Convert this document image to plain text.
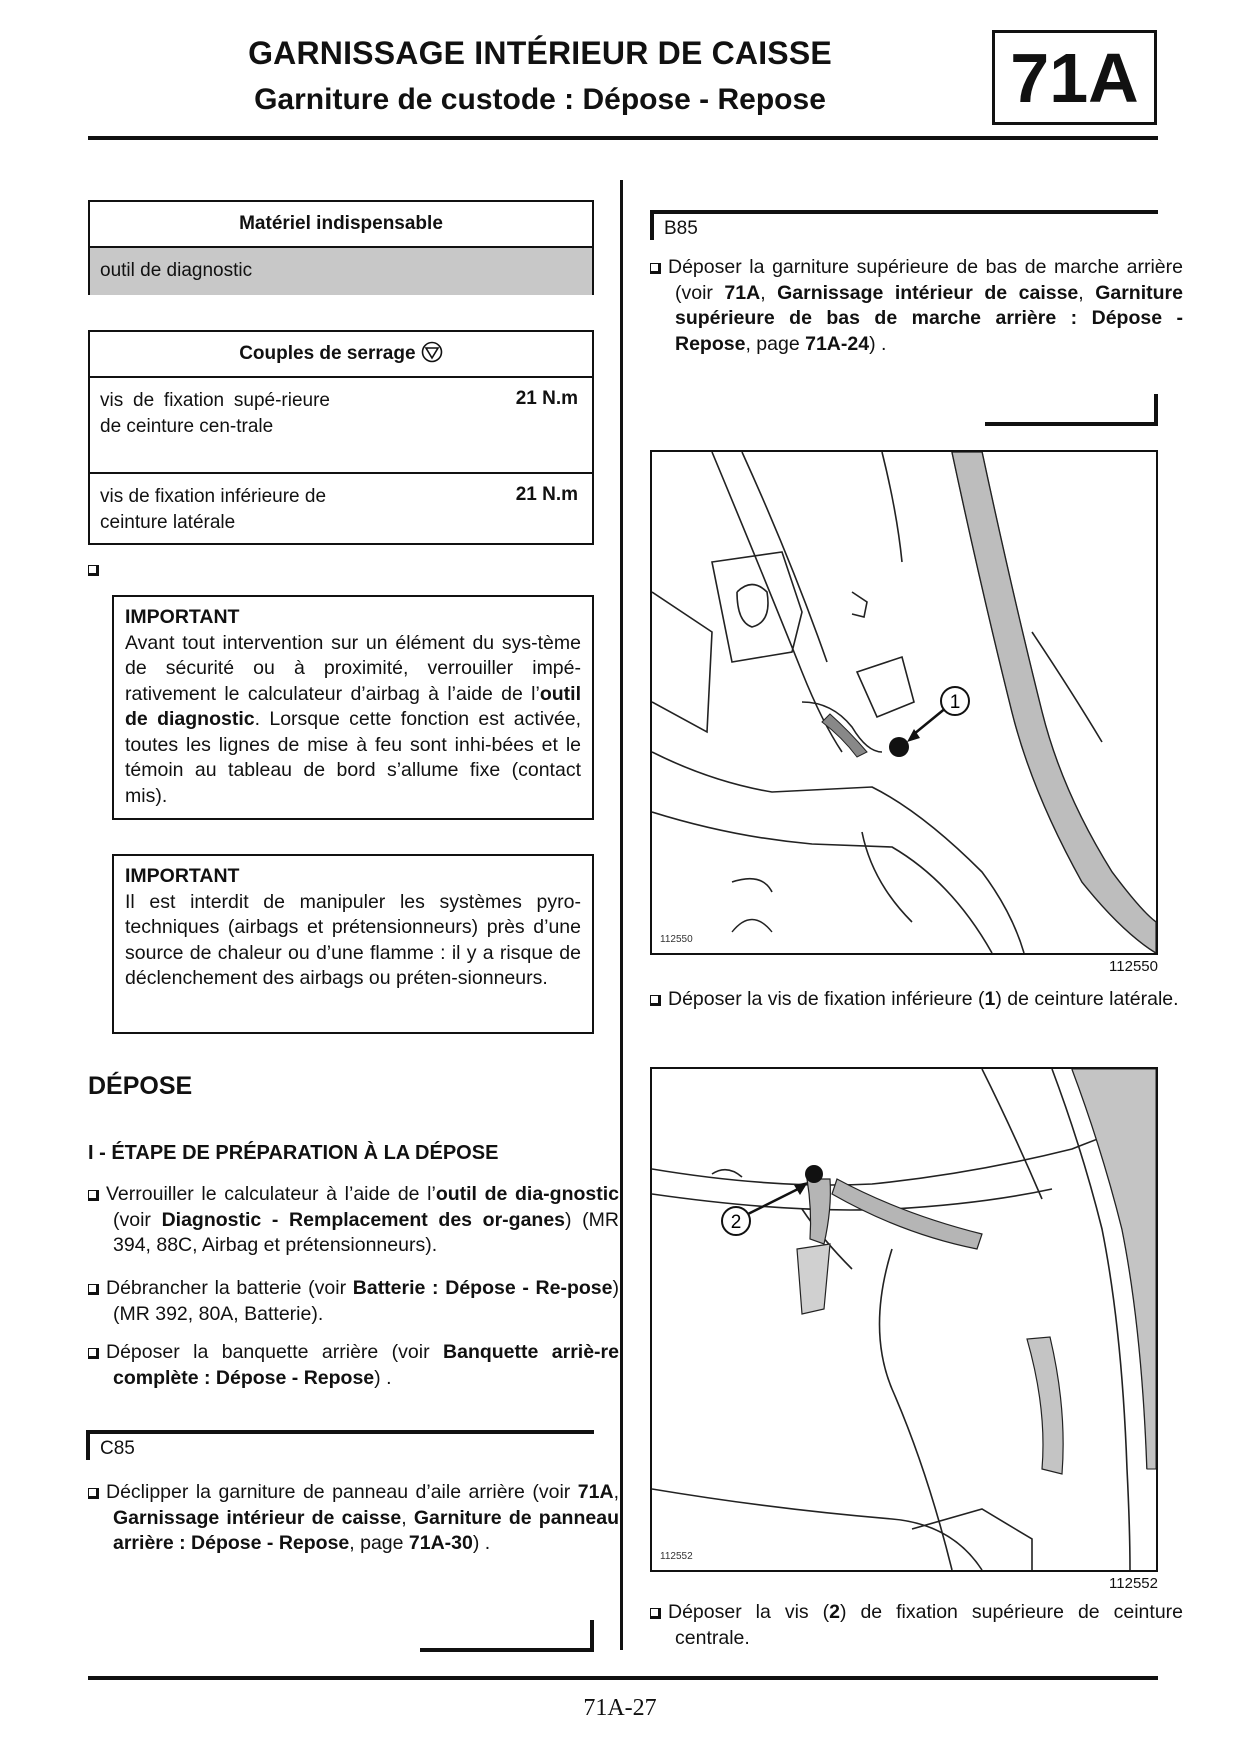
GARNISSAGE INTÉRIEUR DE CAISSE
Garniture de custode : Dépose - Repose	71A
Matériel indispensable
outil de diagnostic
Couples de serrage
vis de fixation supé-rieure de ceinture cen-trale
21 N.m
vis de fixation inférieure de ceinture latérale
21 N.m
IMPORTANT
Avant tout intervention sur un élément du sys-tème de sécurité ou à proximité, verrouiller impé-rativement le calculateur d’airbag à l’aide de l’outil de diagnostic. Lorsque cette fonction est activée, toutes les lignes de mise à feu sont inhi-bées et le témoin au tableau de bord s’allume fixe (contact mis).
IMPORTANT
Il est interdit de manipuler les systèmes pyro-techniques (airbags et prétensionneurs) près d’une source de chaleur ou d’une flamme : il y a risque de déclenchement des airbags ou préten-sionneurs.
DÉPOSE
I - ÉTAPE DE PRÉPARATION À LA DÉPOSE
Verrouiller le calculateur à l’aide de l’outil de dia-gnostic (voir Diagnostic - Remplacement des or-ganes) (MR 394, 88C, Airbag et prétensionneurs).
Débrancher la batterie (voir Batterie : Dépose - Re-pose) (MR 392, 80A, Batterie).
Déposer la banquette arrière (voir Banquette arriè-re complète : Dépose - Repose) .
C85
Déclipper la garniture de panneau d’aile arrière (voir 71A, Garnissage intérieur de caisse, Garniture de panneau arrière : Dépose - Repose, page 71A-30) .
B85
Déposer la garniture supérieure de bas de marche arrière (voir 71A, Garnissage intérieur de caisse, Garniture supérieure de bas de marche arrière : Dépose - Repose, page 71A-24) .
1
112550
112550
Déposer la vis de fixation inférieure (1) de ceinture latérale.
2
112552
112552
Déposer la vis (2) de fixation supérieure de ceinture centrale.
71A-27
